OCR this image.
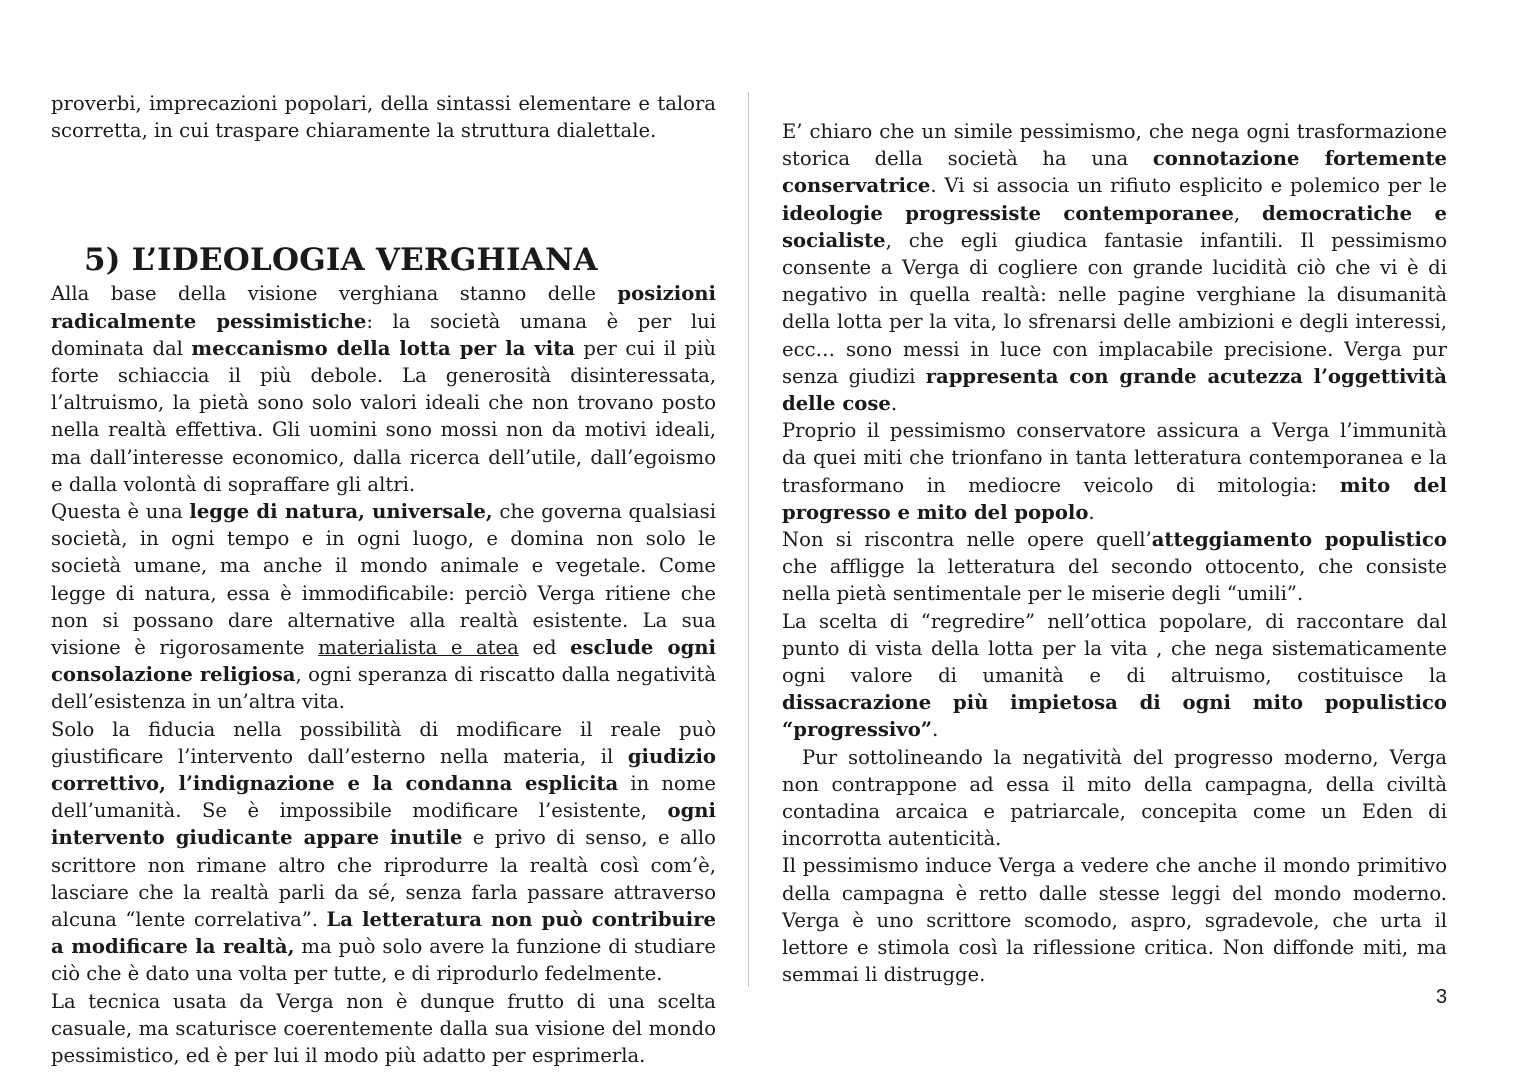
proverbi, imprecazioni popolari, della sintassi elementare e talora scorretta, in cui traspare chiaramente la struttura dialettale.

5) L’IDEOLOGIA VERGHIANA

Alla base della visione verghiana stanno delle posizioni radicalmente pessimistiche: la società umana è per lui dominata dal meccanismo della lotta per la vita per cui il più forte schiaccia il più debole. La generosità disinteressata, l’altruismo, la pietà sono solo valori ideali che non trovano posto nella realtà effettiva. Gli uomini sono mossi non da motivi ideali, ma dall’interesse economico, dalla ricerca dell’utile, dall’egoismo e dalla volontà di sopraffare gli altri.

Questa è una legge di natura, universale, che governa qualsiasi società, in ogni tempo e in ogni luogo, e domina non solo le società umane, ma anche il mondo animale e vegetale. Come legge di natura, essa è immodificabile: perciò Verga ritiene che non si possano dare alternative alla realtà esistente. La sua visione è rigorosamente materialista e atea ed esclude ogni consolazione religiosa, ogni speranza di riscatto dalla negatività dell’esistenza in un’altra vita.

Solo la fiducia nella possibilità di modificare il reale può giustificare l’intervento dall’esterno nella materia, il giudizio correttivo, l’indignazione e la condanna esplicita in nome dell’umanità. Se è impossibile modificare l’esistente, ogni intervento giudicante appare inutile e privo di senso, e allo scrittore non rimane altro che riprodurre la realtà così com’è, lasciare che la realtà parli da sé, senza farla passare attraverso alcuna “lente correlativa”. La letteratura non può contribuire a modificare la realtà, ma può solo avere la funzione di studiare ciò che è dato una volta per tutte, e di riprodurlo fedelmente.

La tecnica usata da Verga non è dunque frutto di una scelta casuale, ma scaturisce coerentemente dalla sua visione del mondo pessimistico, ed è per lui il modo più adatto per esprimerla.

E’ chiaro che un simile pessimismo, che nega ogni trasformazione storica della società ha una connotazione fortemente conservatrice. Vi si associa un rifiuto esplicito e polemico per le ideologie progressiste contemporanee, democratiche e socialiste, che egli giudica fantasie infantili. Il pessimismo consente a Verga di cogliere con grande lucidità ciò che vi è di negativo in quella realtà: nelle pagine verghiane la disumanità della lotta per la vita, lo sfrenarsi delle ambizioni e degli interessi, ecc… sono messi in luce con implacabile precisione. Verga pur senza giudizi rappresenta con grande acutezza l’oggettività delle cose.

Proprio il pessimismo conservatore assicura a Verga l’immunità da quei miti che trionfano in tanta letteratura contemporanea e la trasformano in mediocre veicolo di mitologia: mito del progresso e mito del popolo.

Non si riscontra nelle opere quell’atteggiamento populistico che affligge la letteratura del secondo ottocento, che consiste nella pietà sentimentale per le miserie degli “umili”.

La scelta di “regredire” nell’ottica popolare, di raccontare dal punto di vista della lotta per la vita , che nega sistematicamente ogni valore di umanità e di altruismo, costituisce la dissacrazione più impietosa di ogni mito populistico “progressivo”.

Pur sottolineando la negatività del progresso moderno, Verga non contrappone ad essa il mito della campagna, della civiltà contadina arcaica e patriarcale, concepita come un Eden di incorrotta autenticità.

Il pessimismo induce Verga a vedere che anche il mondo primitivo della campagna è retto dalle stesse leggi del mondo moderno. Verga è uno scrittore scomodo, aspro, sgradevole, che urta il lettore e stimola così la riflessione critica. Non diffonde miti, ma semmai li distrugge.

3
